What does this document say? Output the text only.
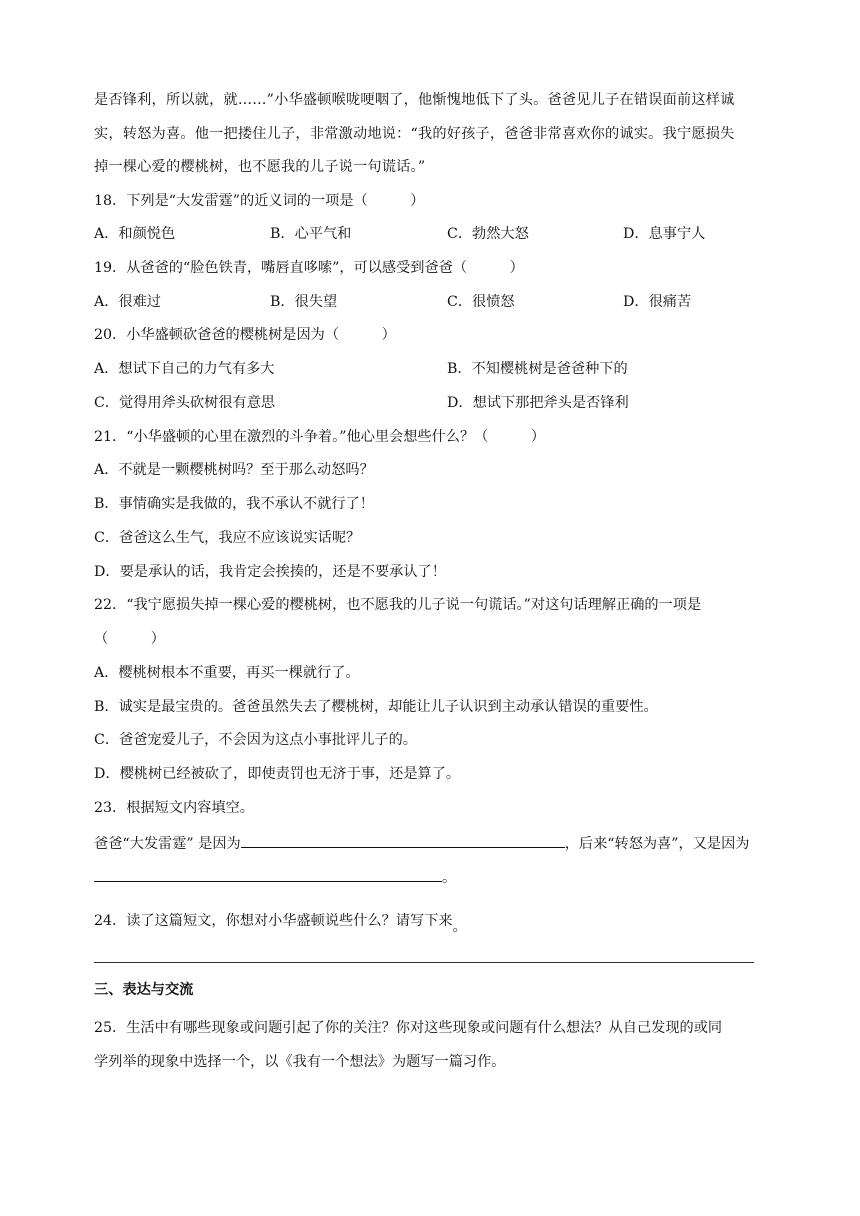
是否锋利，所以就，就……”小华盛顿喉咙哽咽了，他惭愧地低下了头。爸爸见儿子在错误面前这样诚
实，转怒为喜。他一把搂住儿子，非常激动地说：“我的好孩子，爸爸非常喜欢你的诚实。我宁愿损失
掉一棵心爱的樱桃树，也不愿我的儿子说一句谎话。”
18．下列是“大发雷霆”的近义词的一项是（　　　）
A．和颜悦色	B．心平气和	C．勃然大怒	D．息事宁人
19．从爸爸的“脸色铁青，嘴唇直哆嗦”，可以感受到爸爸（　　　）
A．很难过	B．很失望	C．很愤怒	D．很痛苦
20．小华盛顿砍爸爸的樱桃树是因为（　　　）
A．想试下自己的力气有多大	B．不知樱桃树是爸爸种下的
C．觉得用斧头砍树很有意思	D．想试下那把斧头是否锋利
21．“小华盛顿的心里在激烈的斗争着。”他心里会想些什么？（　　　）
A．不就是一颗樱桃树吗？至于那么动怒吗？
B．事情确实是我做的，我不承认不就行了！
C．爸爸这么生气，我应不应该说实话呢？
D．要是承认的话，我肯定会挨揍的，还是不要承认了！
22．“我宁愿损失掉一棵心爱的樱桃树，也不愿我的儿子说一句谎话。”对这句话理解正确的一项是
（　　　）
A．樱桃树根本不重要，再买一棵就行了。
B．诚实是最宝贵的。爸爸虽然失去了樱桃树，却能让儿子认识到主动承认错误的重要性。
C．爸爸宠爱儿子，不会因为这点小事批评儿子的。
D．樱桃树已经被砍了，即使责罚也无济于事，还是算了。
23．根据短文内容填空。
爸爸“大发雷霆” 是因为	，后来“转怒为喜”，又是因为
。
24．读了这篇短文，你想对小华盛顿说些什么？请写下来。
三、表达与交流
25．生活中有哪些现象或问题引起了你的关注？你对这些现象或问题有什么想法？从自己发现的或同
学列举的现象中选择一个，以《我有一个想法》为题写一篇习作。
